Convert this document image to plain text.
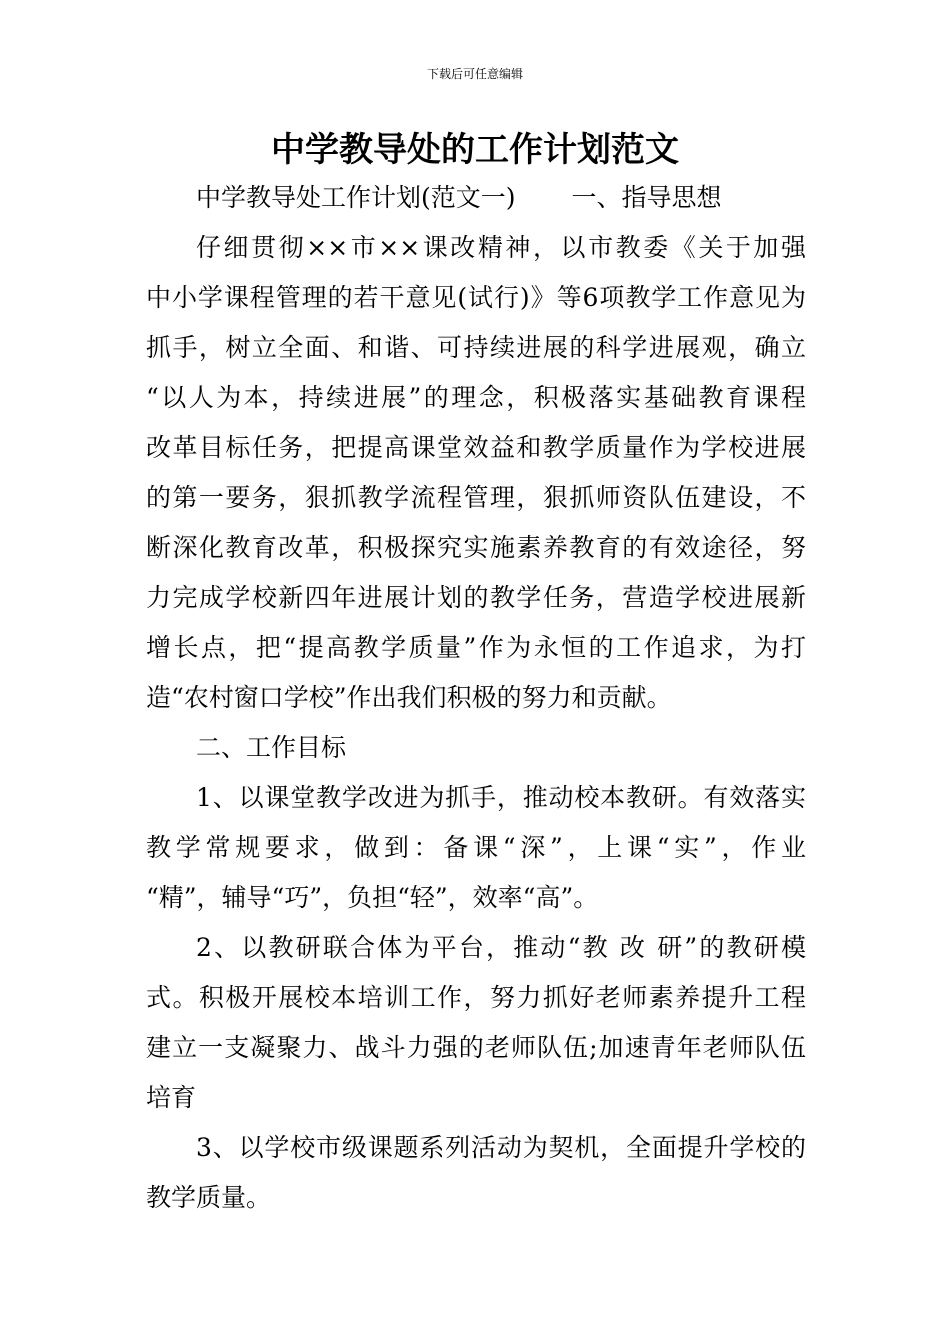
下载后可任意编辑
中学教导处的工作计划范文
中学教导处工作计划(范文一) 一、指导思想
仔细贯彻××市××课改精神，以市教委《关于加强
中小学课程管理的若干意见(试行)》等6项教学工作意见为
抓手，树立全面、和谐、可持续进展的科学进展观，确立
“以人为本，持续进展”的理念，积极落实基础教育课程
改革目标任务，把提高课堂效益和教学质量作为学校进展
的第一要务，狠抓教学流程管理，狠抓师资队伍建设，不
断深化教育改革，积极探究实施素养教育的有效途径，努
力完成学校新四年进展计划的教学任务，营造学校进展新
增长点，把“提高教学质量”作为永恒的工作追求，为打
造“农村窗口学校”作出我们积极的努力和贡献。
二、工作目标
1、以课堂教学改进为抓手，推动校本教研。有效落实
教学常规要求，做到：备课“深”，上课“实”，作业
“精”，辅导“巧”，负担“轻”，效率“高”。
2、以教研联合体为平台，推动“教 改 研”的教研模
式。积极开展校本培训工作，努力抓好老师素养提升工程
建立一支凝聚力、战斗力强的老师队伍;加速青年老师队伍
培育
3、以学校市级课题系列活动为契机，全面提升学校的
教学质量。
